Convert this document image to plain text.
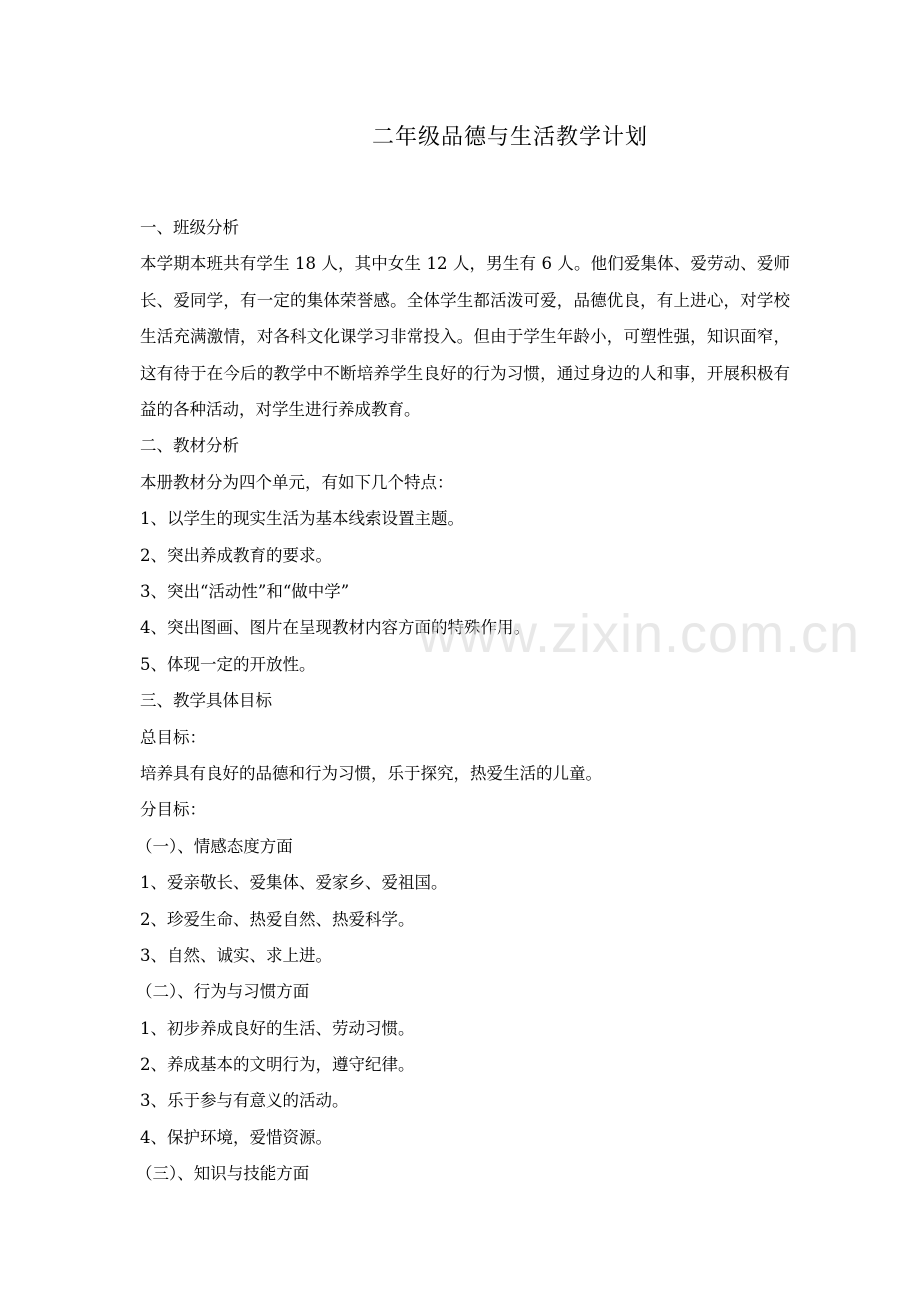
二年级品德与生活教学计划
一、班级分析
本学期本班共有学生 18 人，其中女生 12 人，男生有 6 人。他们爱集体、爱劳动、爱师长、爱同学，有一定的集体荣誉感。全体学生都活泼可爱，品德优良，有上进心，对学校生活充满激情，对各科文化课学习非常投入。但由于学生年龄小，可塑性强，知识面窄，这有待于在今后的教学中不断培养学生良好的行为习惯，通过身边的人和事，开展积极有益的各种活动，对学生进行养成教育。
二、教材分析
本册教材分为四个单元，有如下几个特点：
1、以学生的现实生活为基本线索设置主题。
2、突出养成教育的要求。
3、突出“活动性”和“做中学”
4、突出图画、图片在呈现教材内容方面的特殊作用。
5、体现一定的开放性。
三、教学具体目标
总目标：
培养具有良好的品德和行为习惯，乐于探究，热爱生活的儿童。
分目标：
（一）、情感态度方面
1、爱亲敬长、爱集体、爱家乡、爱祖国。
2、珍爱生命、热爱自然、热爱科学。
3、自然、诚实、求上进。
（二）、行为与习惯方面
1、初步养成良好的生活、劳动习惯。
2、养成基本的文明行为，遵守纪律。
3、乐于参与有意义的活动。
4、保护环境，爱惜资源。
（三）、知识与技能方面
www.zixin.com.cn
